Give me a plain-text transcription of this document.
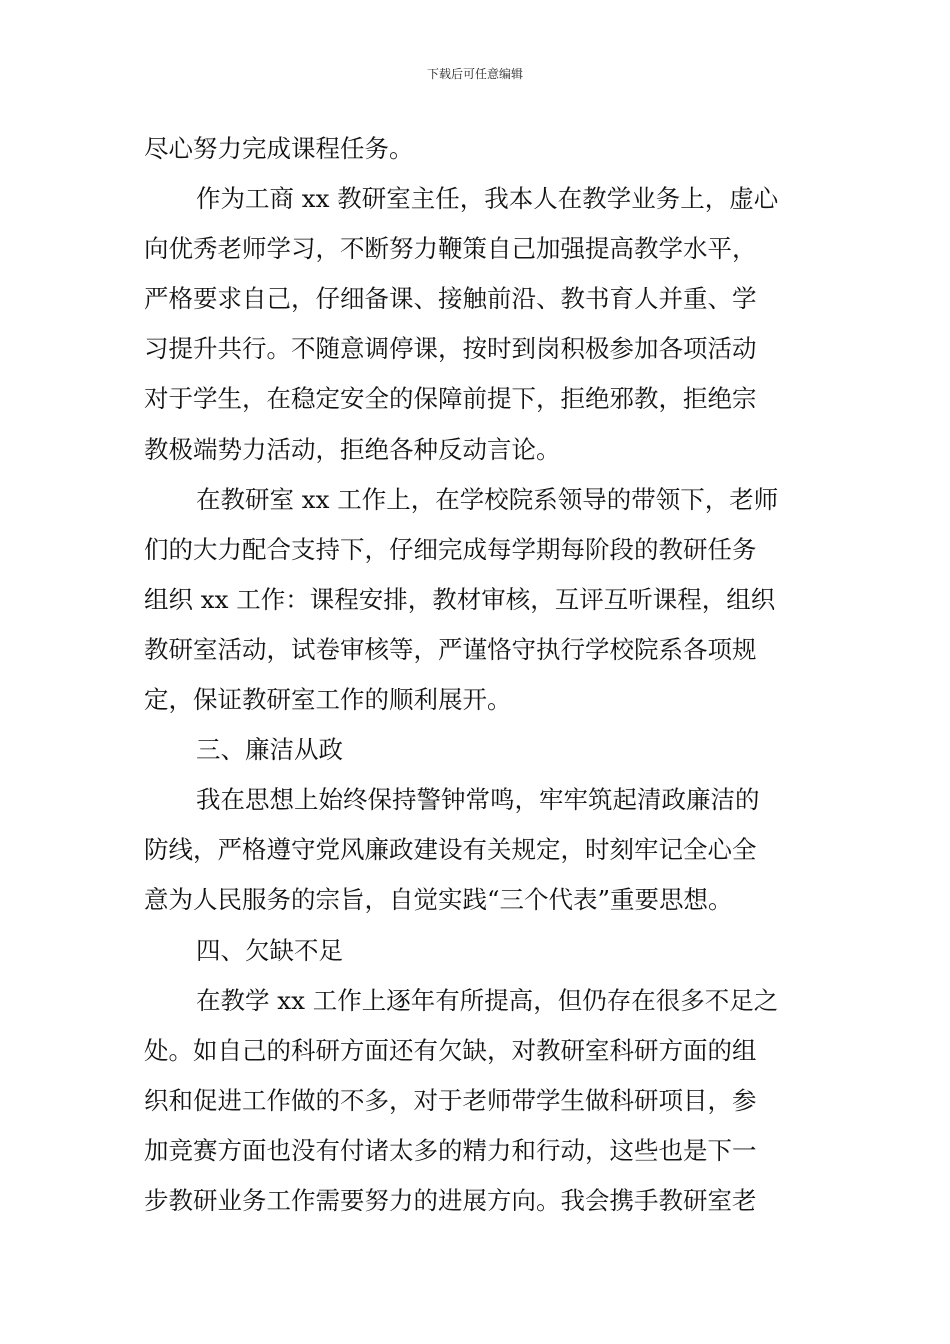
下载后可任意编辑
尽心努力完成课程任务。
作为工商 xx 教研室主任，我本人在教学业务上，虚心
向优秀老师学习，不断努力鞭策自己加强提高教学水平，
严格要求自己，仔细备课、接触前沿、教书育人并重、学
习提升共行。不随意调停课，按时到岗积极参加各项活动
对于学生，在稳定安全的保障前提下，拒绝邪教，拒绝宗
教极端势力活动，拒绝各种反动言论。
在教研室 xx 工作上，在学校院系领导的带领下，老师
们的大力配合支持下，仔细完成每学期每阶段的教研任务
组织 xx 工作：课程安排，教材审核，互评互听课程，组织
教研室活动，试卷审核等，严谨恪守执行学校院系各项规
定，保证教研室工作的顺利展开。
三、廉洁从政
我在思想上始终保持警钟常鸣，牢牢筑起清政廉洁的
防线，严格遵守党风廉政建设有关规定，时刻牢记全心全
意为人民服务的宗旨，自觉实践“三个代表”重要思想。
四、欠缺不足
在教学 xx 工作上逐年有所提高，但仍存在很多不足之
处。如自己的科研方面还有欠缺，对教研室科研方面的组
织和促进工作做的不多，对于老师带学生做科研项目，参
加竞赛方面也没有付诸太多的精力和行动，这些也是下一
步教研业务工作需要努力的进展方向。我会携手教研室老
